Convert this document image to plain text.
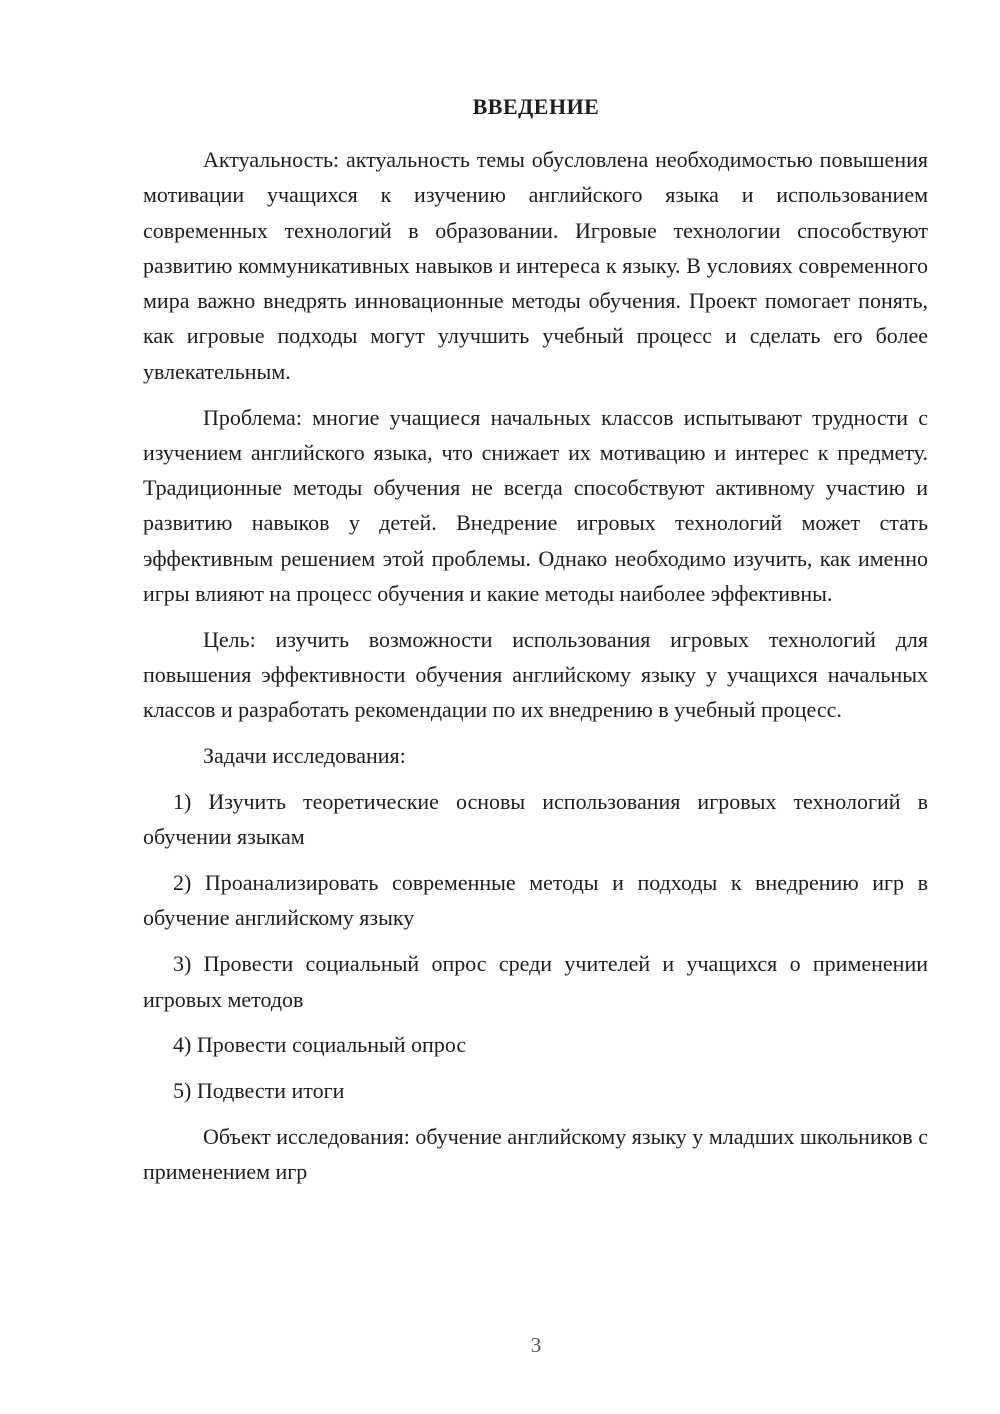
ВВЕДЕНИЕ

Актуальность: актуальность темы обусловлена необходимостью повышения мотивации учащихся к изучению английского языка и использованием современных технологий в образовании. Игровые технологии способствуют развитию коммуникативных навыков и интереса к языку. В условиях современного мира важно внедрять инновационные методы обучения. Проект помогает понять, как игровые подходы могут улучшить учебный процесс и сделать его более увлекательным.

Проблема: многие учащиеся начальных классов испытывают трудности с изучением английского языка, что снижает их мотивацию и интерес к предмету. Традиционные методы обучения не всегда способствуют активному участию и развитию навыков у детей. Внедрение игровых технологий может стать эффективным решением этой проблемы. Однако необходимо изучить, как именно игры влияют на процесс обучения и какие методы наиболее эффективны.

Цель: изучить возможности использования игровых технологий для повышения эффективности обучения английскому языку у учащихся начальных классов и разработать рекомендации по их внедрению в учебный процесс.

Задачи исследования:

1) Изучить теоретические основы использования игровых технологий в обучении языкам

2) Проанализировать современные методы и подходы к внедрению игр в обучение английскому языку

3) Провести социальный опрос среди учителей и учащихся о применении игровых методов

4) Провести социальный опрос

5) Подвести итоги

Объект исследования: обучение английскому языку у младших школьников с применением игр

3
